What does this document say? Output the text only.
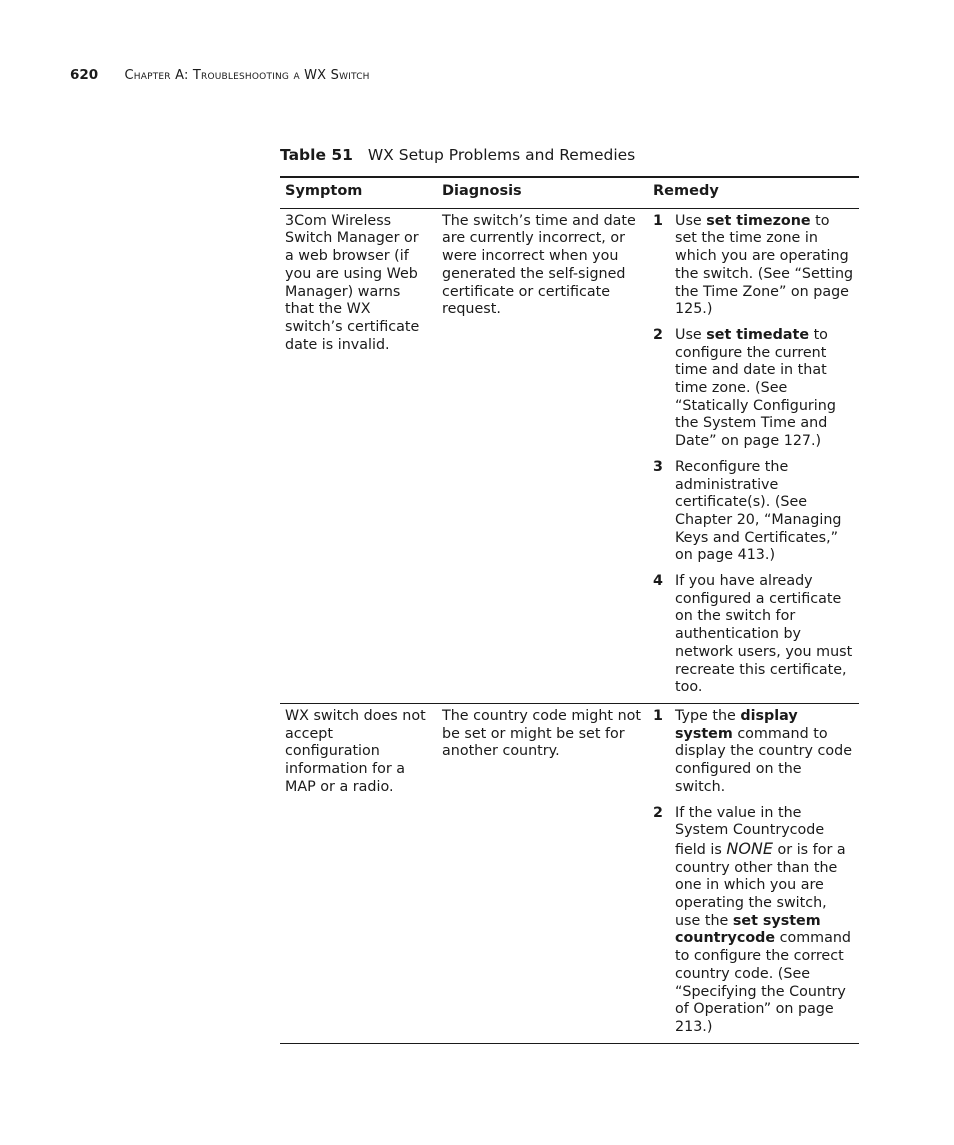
620 Chapter A: Troubleshooting a WX Switch
Table 51 WX Setup Problems and Remedies
Symptom	Diagnosis	Remedy
3Com Wireless Switch Manager or a web browser (if you are using Web Manager) warns that the WX switch’s certificate date is invalid.
The switch’s time and date are currently incorrect, or were incorrect when you generated the self-signed certificate or certificate request.
1 Use set timezone to set the time zone in which you are operating the switch. (See “Setting the Time Zone” on page 125.)
2 Use set timedate to configure the current time and date in that time zone. (See “Statically Configuring the System Time and Date” on page 127.)
3 Reconfigure the administrative certificate(s). (See Chapter 20, “Managing Keys and Certificates,” on page 413.)
4 If you have already configured a certificate on the switch for authentication by network users, you must recreate this certificate, too.
WX switch does not accept configuration information for a MAP or a radio.
The country code might not be set or might be set for another country.
1 Type the display system command to display the country code configured on the switch.
2 If the value in the System Countrycode field is NONE or is for a country other than the one in which you are operating the switch, use the set system countrycode command to configure the correct country code. (See “Specifying the Country of Operation” on page 213.)
